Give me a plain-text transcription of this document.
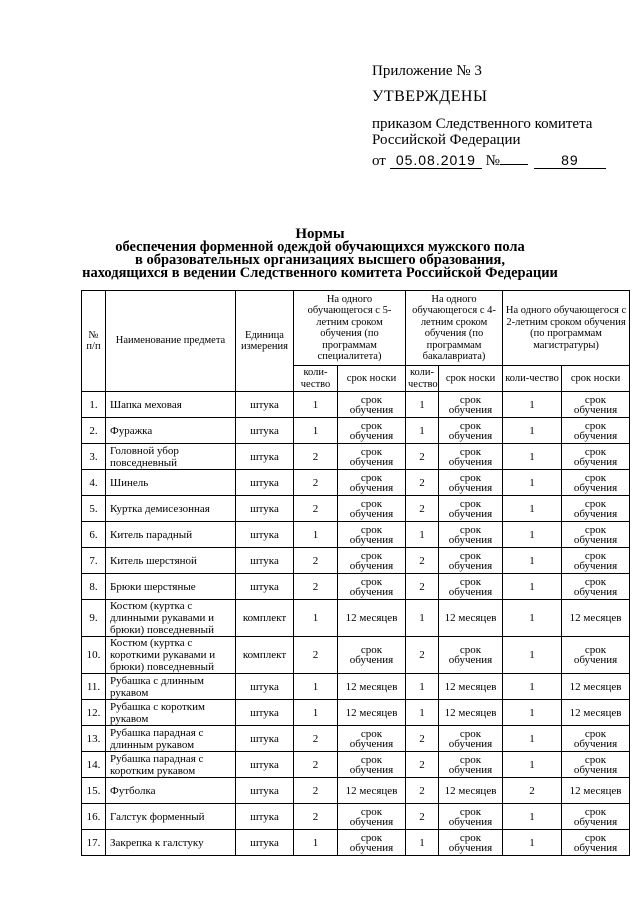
Приложение № 3
УТВЕРЖДЕНЫ
приказом Следственного комитета Российской Федерации
от 05.08.2019 №	89
Нормы
обеспечения форменной одеждой обучающихся мужского пола
в образовательных организациях высшего образования,
находящихся в ведении Следственного комитета Российской Федерации
№ п/п	Наименование предмета	Единица измерения	На одного обучающегося с 5-летним сроком обучения (по программам специалитета)		На одного обучающегося с 4-летним сроком обучения (по программам бакалавриата)		На одного обучающегося с 2-летним сроком обучения (по программам магистратуры)	
			коли-чество	срок носки	коли-чество	срок носки	коли-чество	срок носки
1.	Шапка меховая	штука	1	срок обучения	1	срок обучения	1	срок обучения
2.	Фуражка	штука	1	срок обучения	1	срок обучения	1	срок обучения
3.	Головной убор повседневный	штука	2	срок обучения	2	срок обучения	1	срок обучения
4.	Шинель	штука	2	срок обучения	2	срок обучения	1	срок обучения
5.	Куртка демисезонная	штука	2	срок обучения	2	срок обучения	1	срок обучения
6.	Китель парадный	штука	1	срок обучения	1	срок обучения	1	срок обучения
7.	Китель шерстяной	штука	2	срок обучения	2	срок обучения	1	срок обучения
8.	Брюки шерстяные	штука	2	срок обучения	2	срок обучения	1	срок обучения
9.	Костюм (куртка с длинными рукавами и брюки) повседневный	комплект	1	12 месяцев	1	12 месяцев	1	12 месяцев
10.	Костюм (куртка с короткими рукавами и брюки) повседневный	комплект	2	срок обучения	2	срок обучения	1	срок обучения
11.	Рубашка с длинным рукавом	штука	1	12 месяцев	1	12 месяцев	1	12 месяцев
12.	Рубашка с коротким рукавом	штука	1	12 месяцев	1	12 месяцев	1	12 месяцев
13.	Рубашка парадная с длинным рукавом	штука	2	срок обучения	2	срок обучения	1	срок обучения
14.	Рубашка парадная с коротким рукавом	штука	2	срок обучения	2	срок обучения	1	срок обучения
15.	Футболка	штука	2	12 месяцев	2	12 месяцев	2	12 месяцев
16.	Галстук форменный	штука	2	срок обучения	2	срок обучения	1	срок обучения
17.	Закрепка к галстуку	штука	1	срок обучения	1	срок обучения	1	срок обучения
